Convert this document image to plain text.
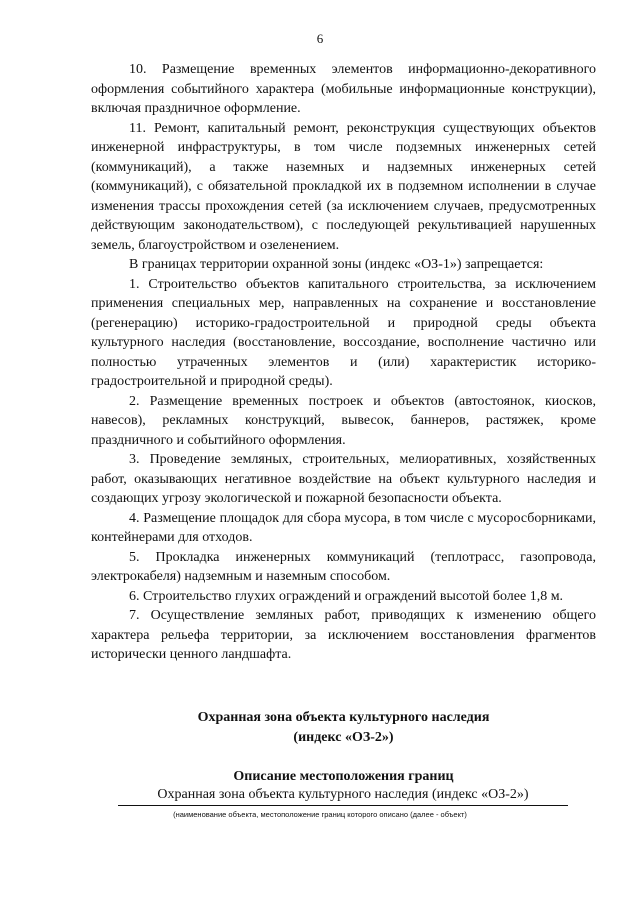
6

10. Размещение временных элементов информационно-декоративного оформления событийного характера (мобильные информационные конструкции), включая праздничное оформление.

11. Ремонт, капитальный ремонт, реконструкция существующих объектов инженерной инфраструктуры, в том числе подземных инженерных сетей (коммуникаций), а также наземных и надземных инженерных сетей (коммуникаций), с обязательной прокладкой их в подземном исполнении в случае изменения трассы прохождения сетей (за исключением случаев, предусмотренных действующим законодательством), с последующей рекультивацией нарушенных земель, благоустройством и озеленением.

В границах территории охранной зоны (индекс «ОЗ-1») запрещается:

1. Строительство объектов капитального строительства, за исключением применения специальных мер, направленных на сохранение и восстановление (регенерацию) историко-градостроительной и природной среды объекта культурного наследия (восстановление, воссоздание, восполнение частично или полностью утраченных элементов и (или) характеристик историко-градостроительной и природной среды).

2. Размещение временных построек и объектов (автостоянок, киосков, навесов), рекламных конструкций, вывесок, баннеров, растяжек, кроме праздничного и событийного оформления.

3. Проведение земляных, строительных, мелиоративных, хозяйственных работ, оказывающих негативное воздействие на объект культурного наследия и создающих угрозу экологической и пожарной безопасности объекта.

4. Размещение площадок для сбора мусора, в том числе с мусоросборниками, контейнерами для отходов.

5. Прокладка инженерных коммуникаций (теплотрасс, газопровода, электрокабеля) надземным и наземным способом.

6. Строительство глухих ограждений и ограждений высотой более 1,8 м.

7. Осуществление земляных работ, приводящих к изменению общего характера рельефа территории, за исключением восстановления фрагментов исторически ценного ландшафта.

Охранная зона объекта культурного наследия
(индекс «ОЗ-2»)
Описание местоположения границ
Охранная зона объекта культурного наследия (индекс «ОЗ-2»)
(наименование объекта, местоположение границ которого описано (далее - объект)
